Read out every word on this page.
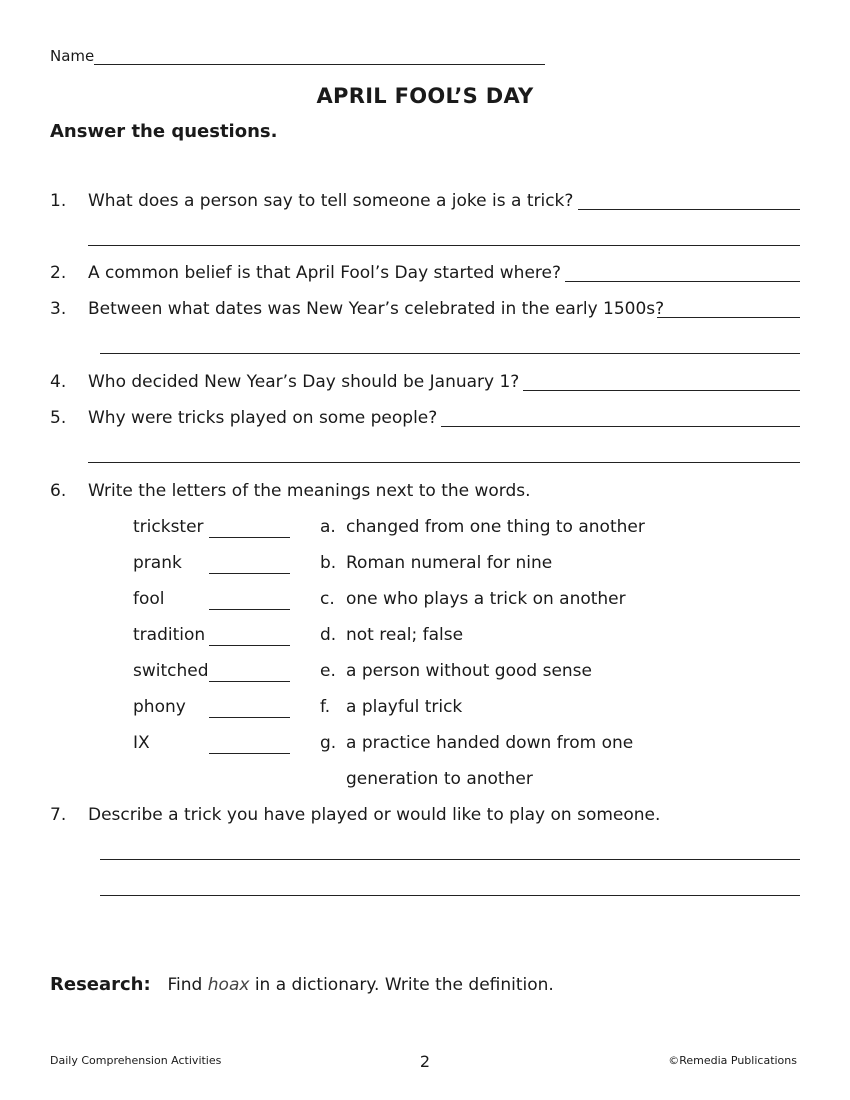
Name
APRIL FOOL’S DAY
Answer the questions.
1. What does a person say to tell someone a joke is a trick?
2. A common belief is that April Fool’s Day started where?
3. Between what dates was New Year’s celebrated in the early 1500s?
4. Who decided New Year’s Day should be January 1?
5. Why were tricks played on some people?
6. Write the letters of the meanings next to the words.
trickster	a. changed from one thing to another
prank	b. Roman numeral for nine
fool	c. one who plays a trick on another
tradition	d. not real; false
switched	e. a person without good sense
phony	f. a playful trick
IX	g. a practice handed down from one
generation to another
7. Describe a trick you have played or would like to play on someone.
Research: Find hoax in a dictionary. Write the definition.
Daily Comprehension Activities	2	©Remedia Publications
